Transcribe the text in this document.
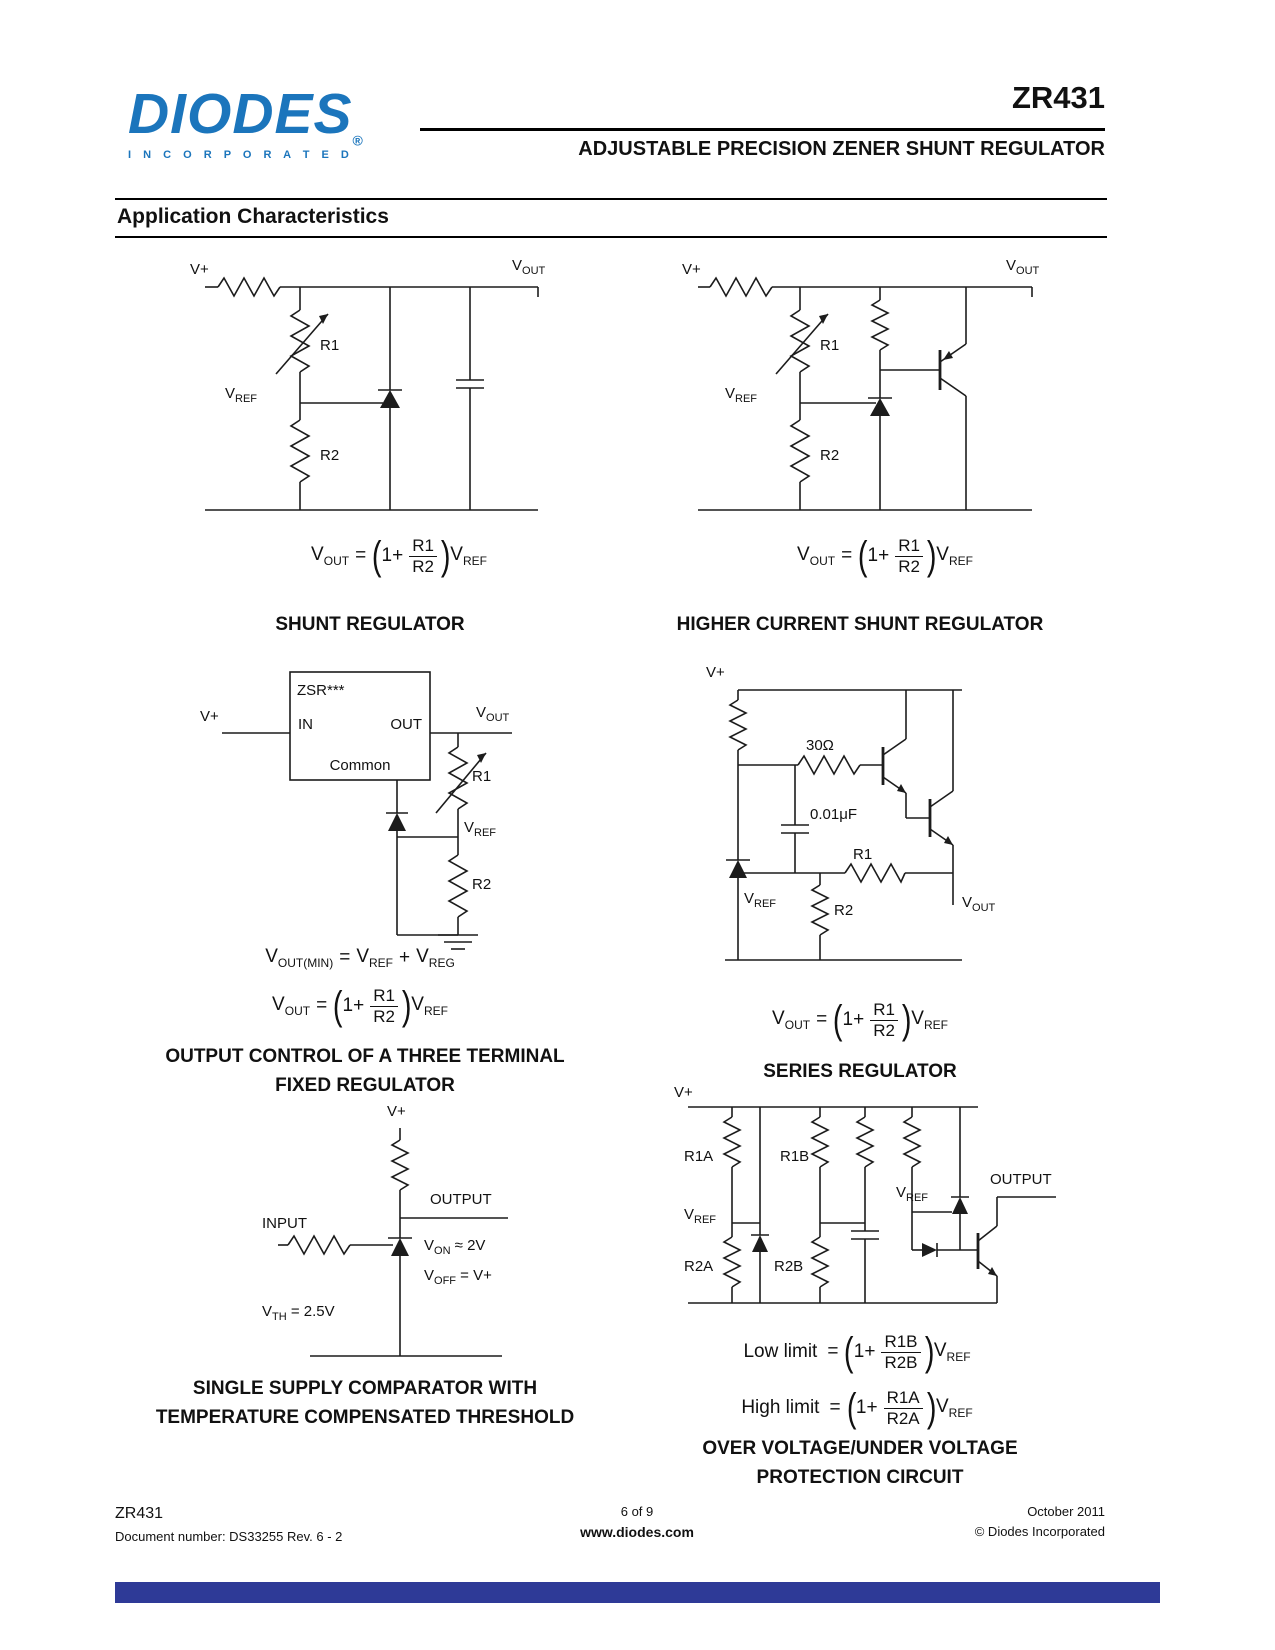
$DIODES_®$
I N C O R P O R A T E D
ZR431
ADJUSTABLE PRECISION ZENER SHUNT REGULATOR
Application Characteristics
V+	$V_{OUT}$
R1
$V_{REF}$
R2
V+	$V_{OUT}$
R1
$V_{REF}$
R2
$V_{OUT}$ = ( $1+ \frac{R1}{R2}$ ) $V_{REF}$	$V_{OUT}$ = ( $1+ \frac{R1}{R2}$ ) $V_{REF}$
SHUNT REGULATOR	HIGHER CURRENT SHUNT REGULATOR
ZSR***
IN	OUT
Common
V+	$V_{OUT}$
R1
$V_{REF}$
R2
V+
30Ω
0.01μF
R1
R2
$V_{REF}$	$V_{OUT}$
$V_{OUT(MIN)} = V_{REF} + V_{REG}$
$V_{OUT}$ = ( $1+ \frac{R1}{R2}$ ) $V_{REF}$	$V_{OUT}$ = ( $1+ \frac{R1}{R2}$ ) $V_{REF}$
OUTPUT CONTROL OF A THREE TERMINAL
FIXED REGULATOR
SERIES REGULATOR
V+
OUTPUT
INPUT
$V_{ON} \approx 2V$
$V_{OFF} = V+$
$V_{TH} = 2.5V$
V+
R1A	R1B
$V_{REF}$
$V_{REF}$
R2A	R2B
OUTPUT
SINGLE SUPPLY COMPARATOR WITH
TEMPERATURE COMPENSATED THRESHOLD
Low limit = ( $1+ \frac{R1B}{R2B}$ ) $V_{REF}$
High limit = ( $1+ \frac{R1A}{R2A}$ ) $V_{REF}$
OVER VOLTAGE/UNDER VOLTAGE
PROTECTION CIRCUIT
ZR431
Document number: DS33255 Rev. 6 - 2
6 of 9
www.diodes.com
October 2011
© Diodes Incorporated
